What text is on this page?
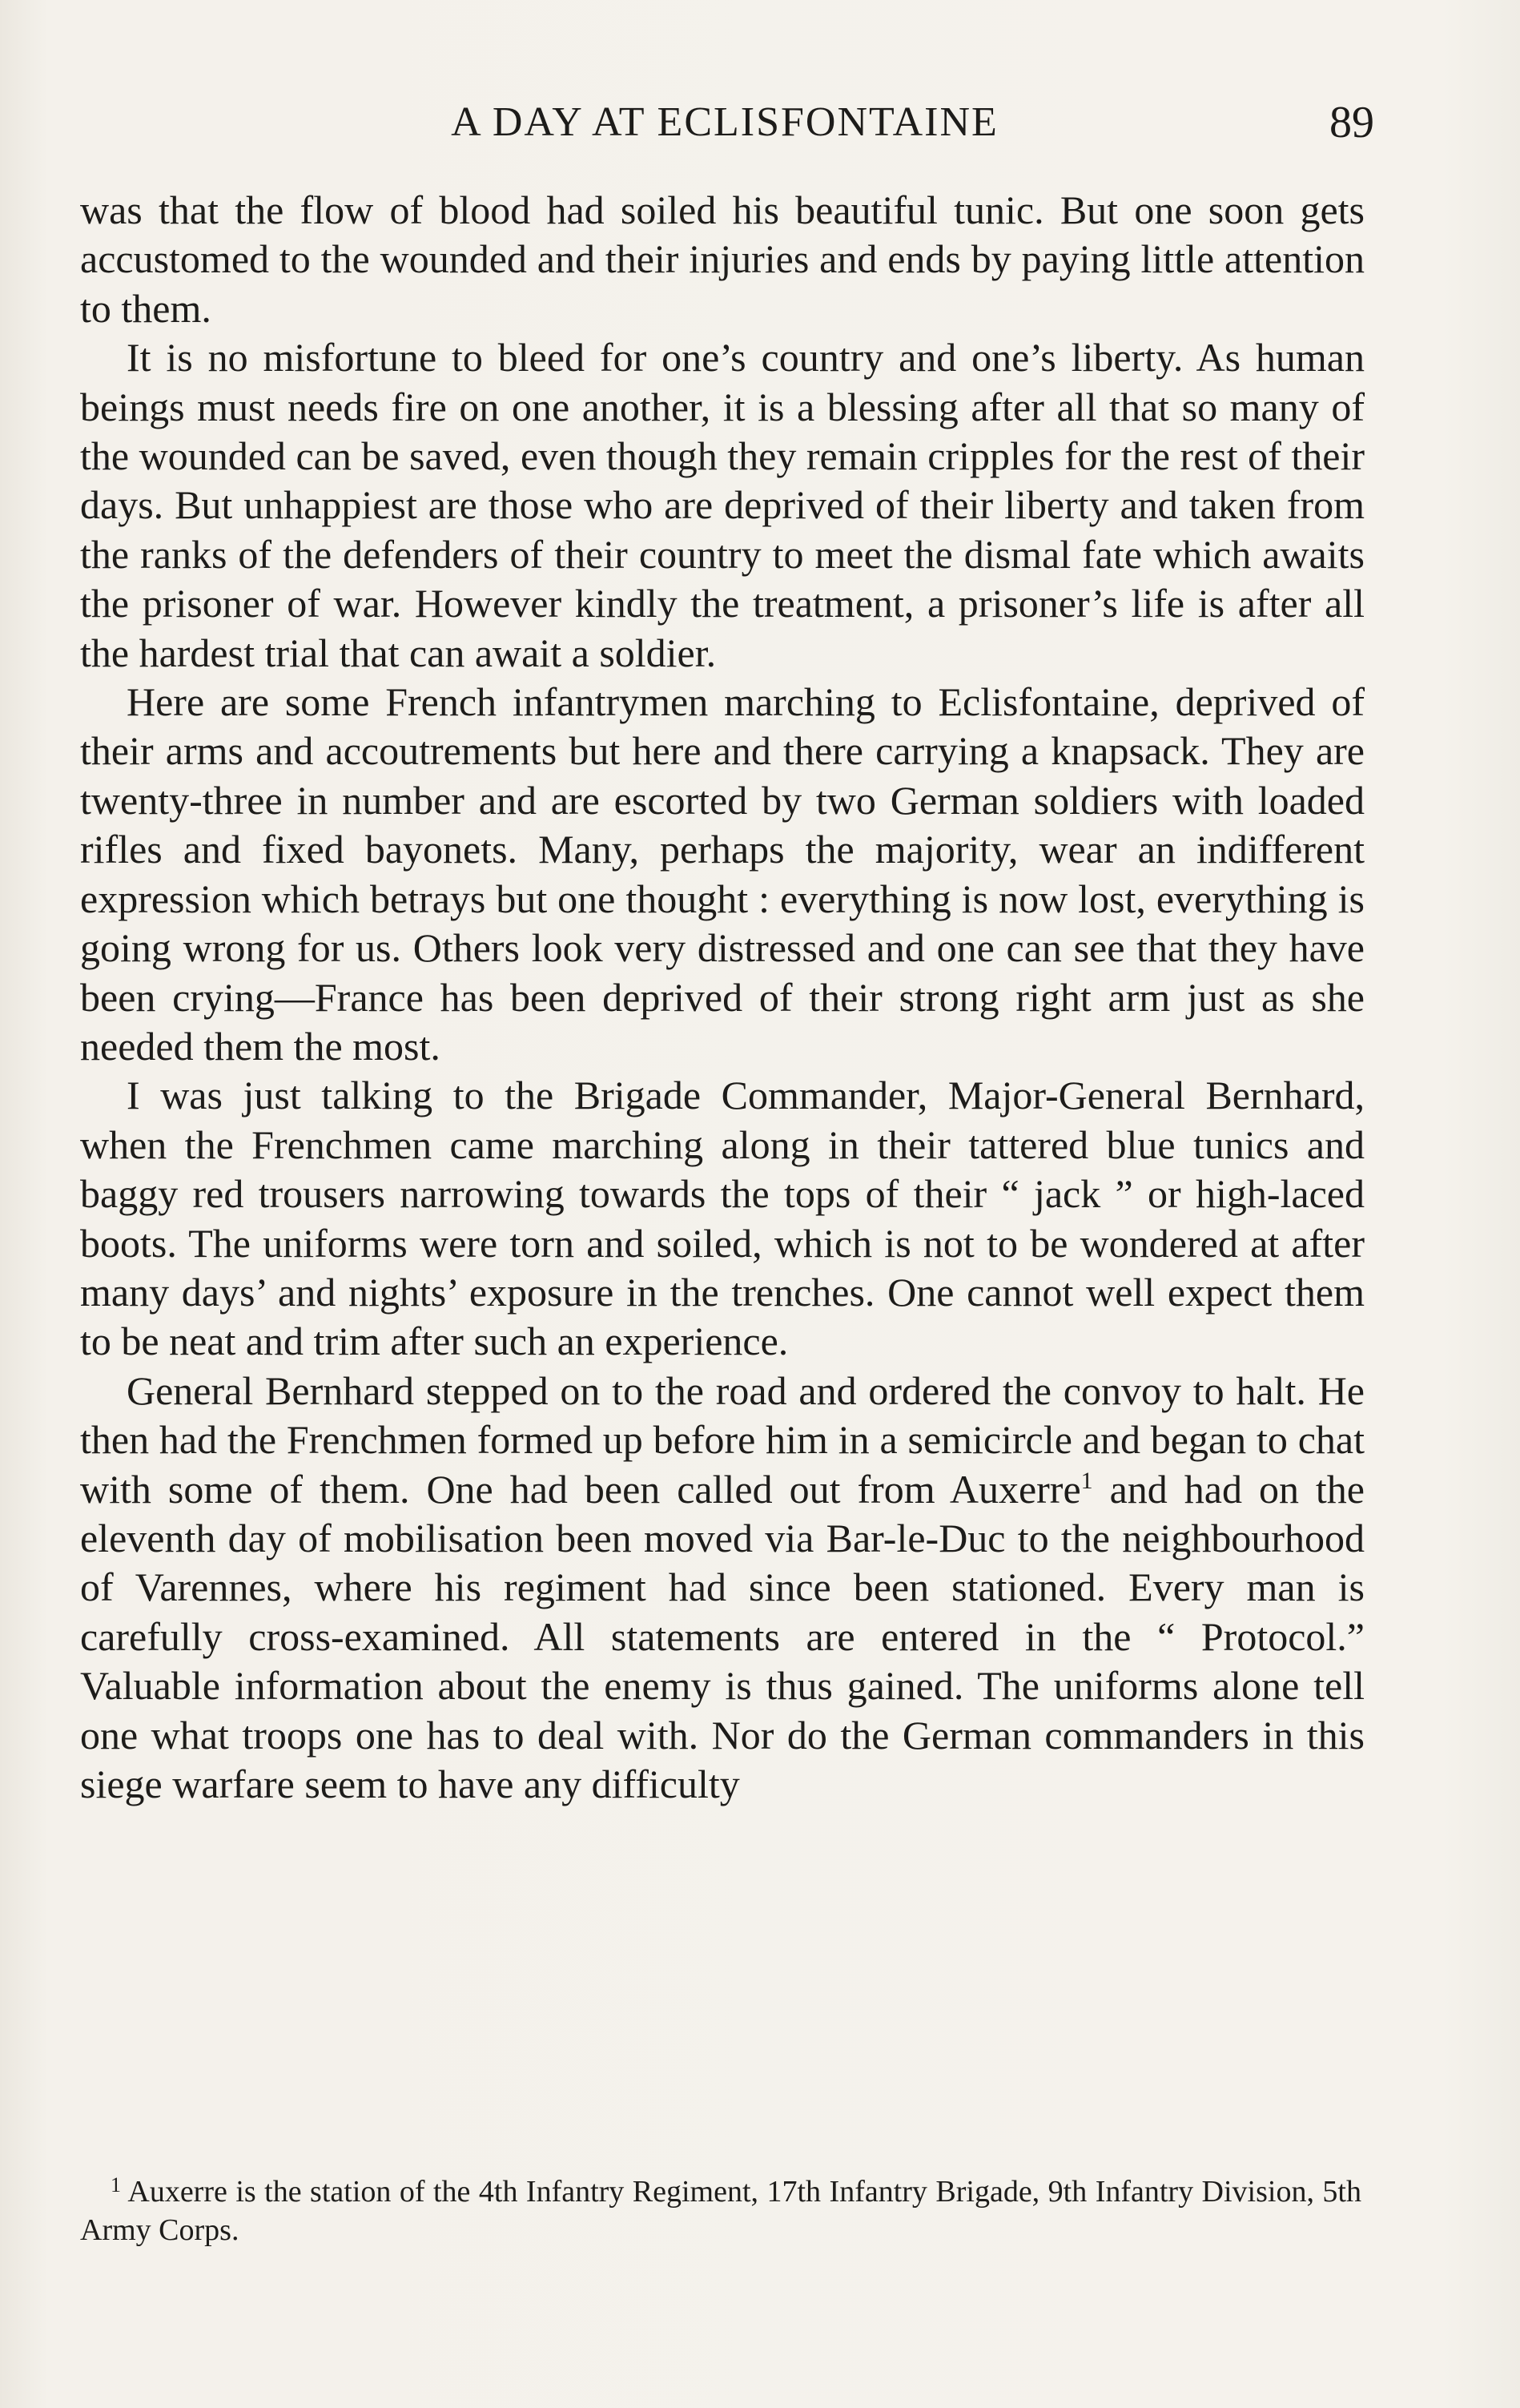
A DAY AT ECLISFONTAINE	89

was that the flow of blood had soiled his beautiful tunic. But one soon gets accustomed to the wounded and their injuries and ends by paying little attention to them.

It is no misfortune to bleed for one’s country and one’s liberty. As human beings must needs fire on one another, it is a blessing after all that so many of the wounded can be saved, even though they remain cripples for the rest of their days. But unhappiest are those who are deprived of their liberty and taken from the ranks of the defenders of their country to meet the dismal fate which awaits the prisoner of war. However kindly the treatment, a prisoner’s life is after all the hardest trial that can await a soldier.

Here are some French infantrymen marching to Eclisfontaine, deprived of their arms and accoutrements but here and there carrying a knapsack. They are twenty-three in number and are escorted by two German soldiers with loaded rifles and fixed bayonets. Many, perhaps the majority, wear an indifferent expression which betrays but one thought : everything is now lost, everything is going wrong for us. Others look very distressed and one can see that they have been crying—France has been deprived of their strong right arm just as she needed them the most.

I was just talking to the Brigade Commander, Major-General Bernhard, when the Frenchmen came marching along in their tattered blue tunics and baggy red trousers narrowing towards the tops of their “ jack ” or high-laced boots. The uniforms were torn and soiled, which is not to be wondered at after many days’ and nights’ exposure in the trenches. One cannot well expect them to be neat and trim after such an experience.

General Bernhard stepped on to the road and ordered the convoy to halt. He then had the Frenchmen formed up before him in a semicircle and began to chat with some of them. One had been called out from Auxerre$^1$ and had on the eleventh day of mobilisation been moved via Bar-le-Duc to the neighbourhood of Varennes, where his regiment had since been stationed. Every man is carefully cross-examined. All statements are entered in the “ Protocol.” Valuable information about the enemy is thus gained. The uniforms alone tell one what troops one has to deal with. Nor do the German commanders in this siege warfare seem to have any difficulty

$^1$ Auxerre is the station of the 4th Infantry Regiment, 17th Infantry Brigade, 9th Infantry Division, 5th Army Corps.
